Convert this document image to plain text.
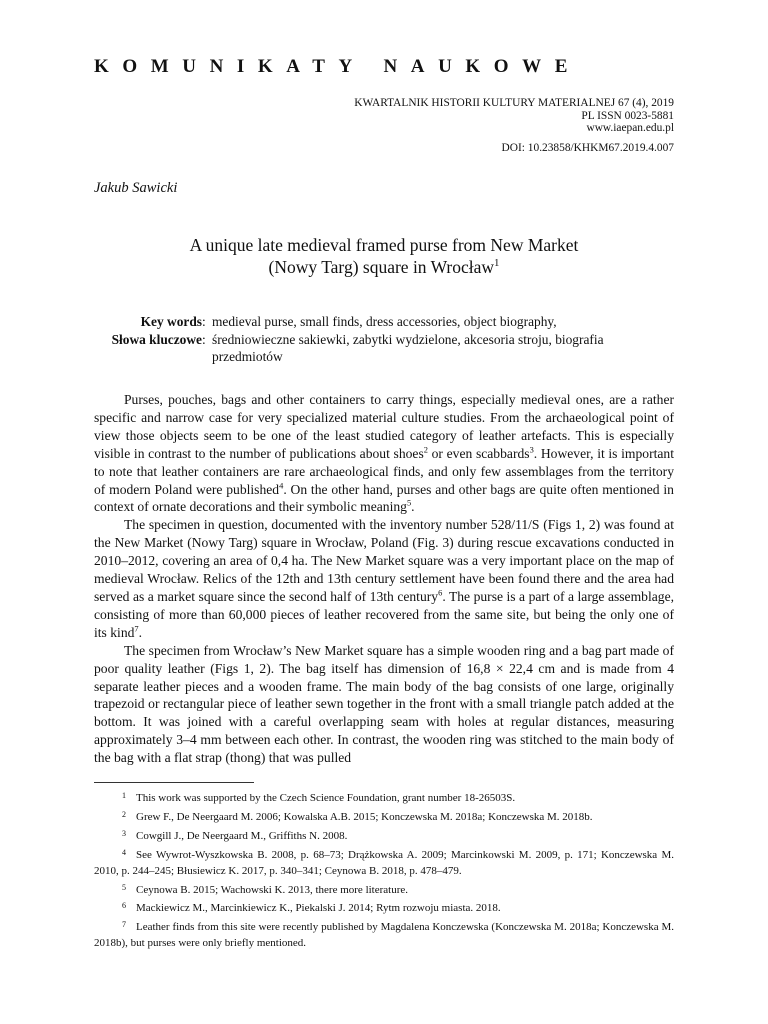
KOMUNIKATY NAUKOWE
KWARTALNIK HISTORII KULTURY MATERIALNEJ 67 (4), 2019
PL ISSN 0023-5881
www.iaepan.edu.pl
DOI: 10.23858/KHKM67.2019.4.007

Jakub Sawicki

A unique late medieval framed purse from New Market
(Nowy Targ) square in Wrocław$^1$
Key words : medieval purse, small finds, dress accessories, object biography,
Słowa kluczowe : średniowieczne sakiewki, zabytki wydzielone, akcesoria stroju, biografia przedmiotów

Purses, pouches, bags and other containers to carry things, especially medieval ones, are a rather specific and narrow case for very specialized material culture studies. From the archaeological point of view those objects seem to be one of the least studied category of leather artefacts. This is especially visible in contrast to the number of publications about shoes$^2$ or even scabbards$^3$. However, it is important to note that leather containers are rare archaeological finds, and only few assemblages from the territory of modern Poland were published$^4$. On the other hand, purses and other bags are quite often mentioned in context of ornate decorations and their symbolic meaning$^5$.

The specimen in question, documented with the inventory number 528/11/S (Figs 1, 2) was found at the New Market (Nowy Targ) square in Wrocław, Poland (Fig. 3) during rescue excavations conducted in 2010–2012, covering an area of 0,4 ha. The New Market square was a very important place on the map of medieval Wrocław. Relics of the 12th and 13th century settlement have been found there and the area had served as a market square since the second half of 13th century$^6$. The purse is a part of a large assemblage, consisting of more than 60,000 pieces of leather recovered from the same site, but being the only one of its kind$^7$.

The specimen from Wrocław’s New Market square has a simple wooden ring and a bag part made of poor quality leather (Figs 1, 2). The bag itself has dimension of 16,8 × 22,4 cm and is made from 4 separate leather pieces and a wooden frame. The main body of the bag consists of one large, originally trapezoid or rectangular piece of leather sewn together in the front with a small triangle patch added at the bottom. It was joined with a careful overlapping seam with holes at regular distances, measuring approximately 3–4 mm between each other. In contrast, the wooden ring was stitched to the main body of the bag with a flat strap (thong) that was pulled

1 This work was supported by the Czech Science Foundation, grant number 18-26503S.

2 Grew F., De Neergaard M. 2006; Kowalska A.B. 2015; Konczewska M. 2018a; Konczewska M. 2018b.

3 Cowgill J., De Neergaard M., Griffiths N. 2008.

4 See Wywrot-Wyszkowska B. 2008, p. 68–73; Drążkowska A. 2009; Marcinkowski M. 2009, p. 171; Konczewska M. 2010, p. 244–245; Błusiewicz K. 2017, p. 340–341; Ceynowa B. 2018, p. 478–479.

5 Ceynowa B. 2015; Wachowski K. 2013, there more literature.

6 Mackiewicz M., Marcinkiewicz K., Piekalski J. 2014; Rytm rozwoju miasta. 2018.

7 Leather finds from this site were recently published by Magdalena Konczewska (Konczewska M. 2018a; Konczewska M. 2018b), but purses were only briefly mentioned.
